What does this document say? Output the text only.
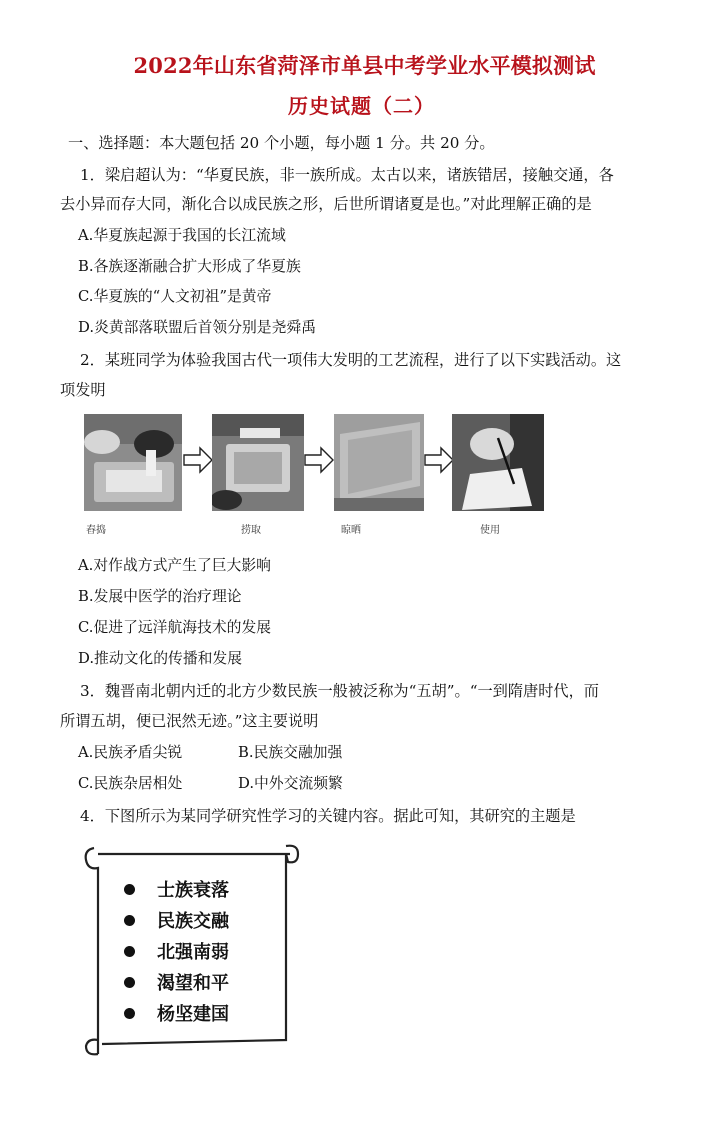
2022年山东省菏泽市单县中考学业水平模拟测试
历史试题（二）
一、选择题：本大题包括 20 个小题，每小题 1 分。共 20 分。
1．梁启超认为：“华夏民族，非一族所成。太古以来，诸族错居，接触交通，各
去小异而存大同，渐化合以成民族之形，后世所谓诸夏是也。”对此理解正确的是
A.华夏族起源于我国的长江流域
B.各族逐渐融合扩大形成了华夏族
C.华夏族的“人文初祖”是黄帝
D.炎黄部落联盟后首领分别是尧舜禹
2．某班同学为体验我国古代一项伟大发明的工艺流程，进行了以下实践活动。这
项发明
舂捣	捞取	晾晒	使用
A.对作战方式产生了巨大影响
B.发展中医学的治疗理论
C.促进了远洋航海技术的发展
D.推动文化的传播和发展
3．魏晋南北朝内迁的北方少数民族一般被泛称为“五胡”。“一到隋唐时代，而
所谓五胡，便已泯然无迹。”这主要说明
A.民族矛盾尖锐	B.民族交融加强
C.民族杂居相处	D.中外交流频繁
4．下图所示为某同学研究性学习的关键内容。据此可知，其研究的主题是
士族衰落
民族交融
北强南弱
渴望和平
杨坚建国
